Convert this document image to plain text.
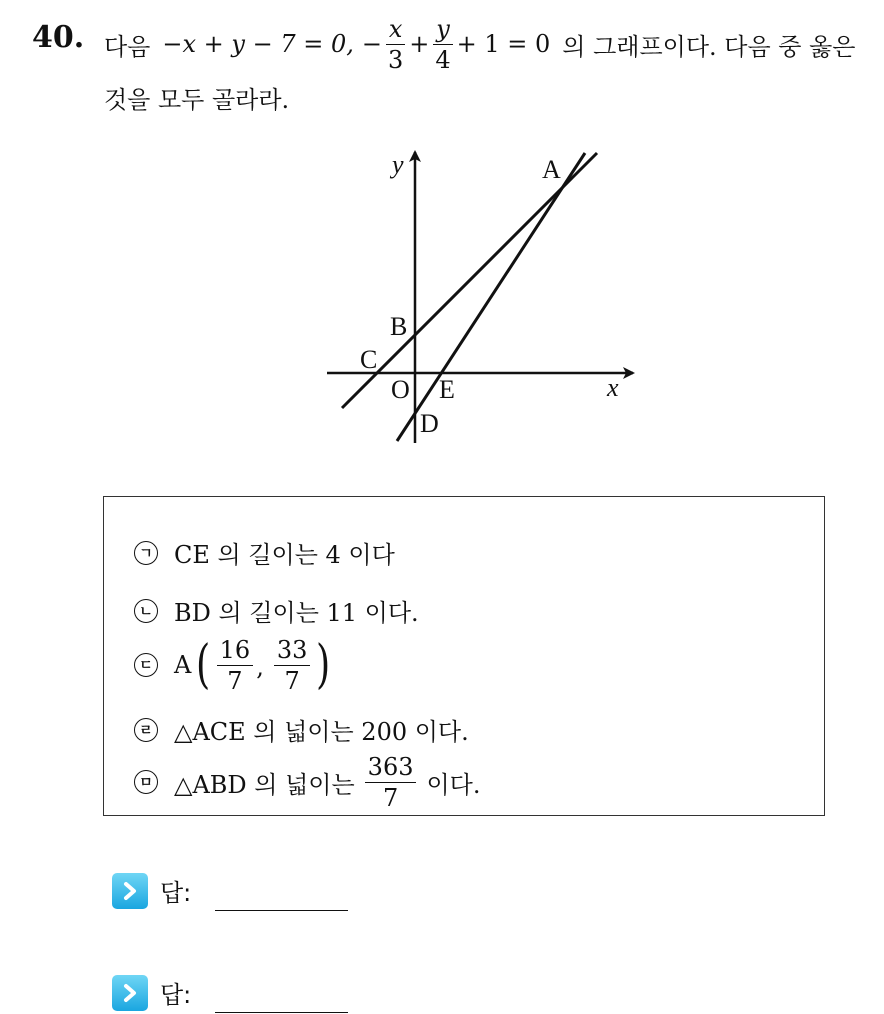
40. 다음 −x + y − 7 = 0, − $\frac{x}{3} + \frac{y}{4} + 1 = 0$ 의 그래프이다. 다음 중 옳은
것을 모두 골라라.
y
x
A
B
C
O E
D
ㄱ CE 의 길이는 4 이다
ㄴ BD 의 길이는 11 이다.
ㄷ A ( $\frac{16}{7}$ , $\frac{33}{7}$ )
ㄹ △ACE 의 넓이는 200 이다.
ㅁ △ABD 의 넓이는 $\frac{363}{7}$ 이다.
답:
답:
